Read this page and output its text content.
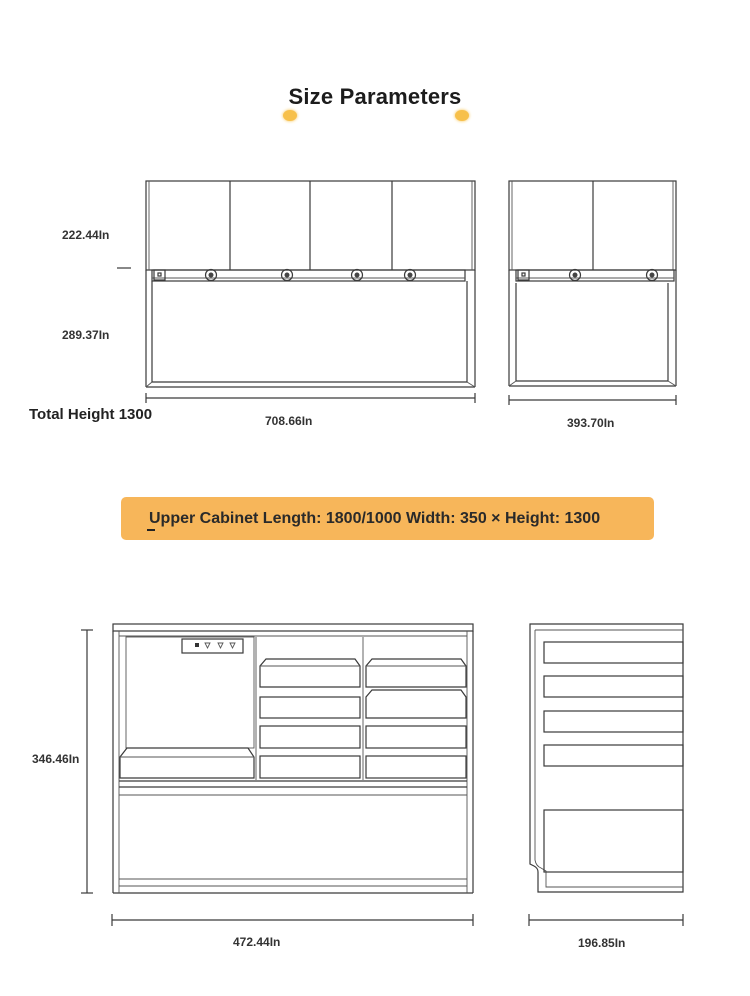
Size Parameters
222.44In
289.37In
Total Height 1300	708.66In	393.70In
Upper Cabinet Length: 1800/1000 Width: 350 × Height: 1300
346.46In
472.44In	196.85In
